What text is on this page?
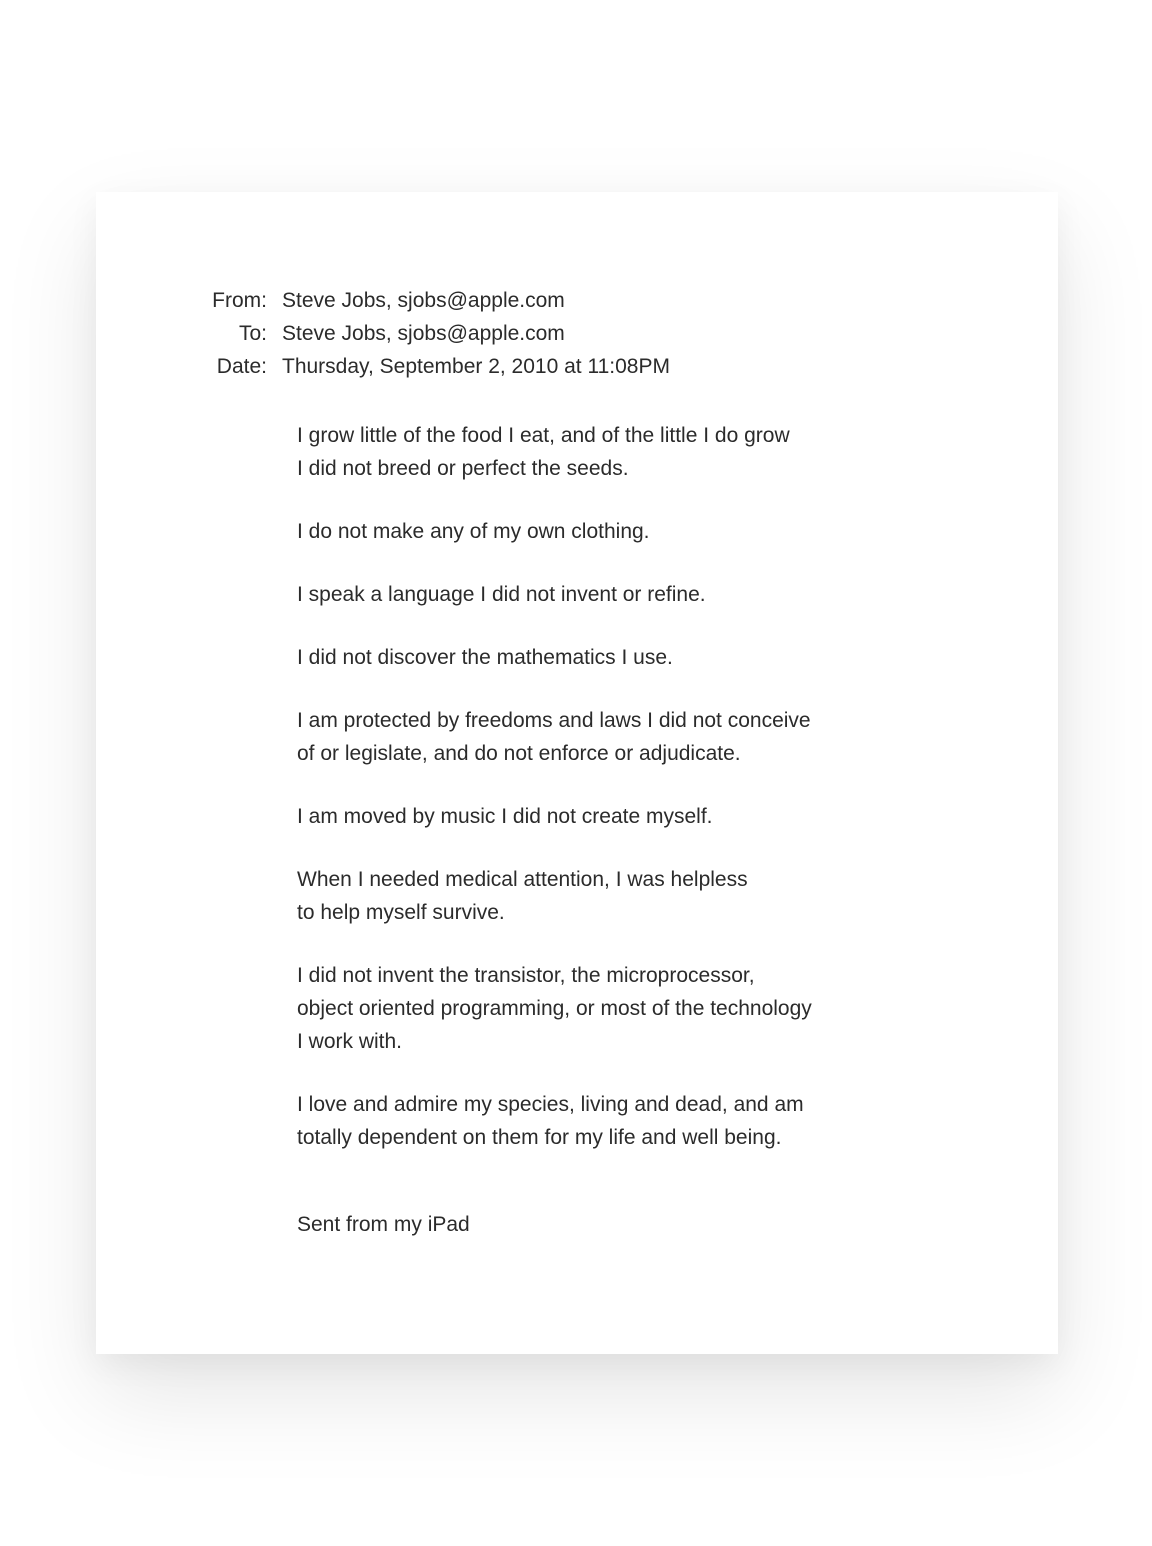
From: Steve Jobs, sjobs@apple.com
To: Steve Jobs, sjobs@apple.com
Date: Thursday, September 2, 2010 at 11:08PM

I grow little of the food I eat, and of the little I do grow
I did not breed or perfect the seeds.

I do not make any of my own clothing.

I speak a language I did not invent or refine.

I did not discover the mathematics I use.

I am protected by freedoms and laws I did not conceive
of or legislate, and do not enforce or adjudicate.

I am moved by music I did not create myself.

When I needed medical attention, I was helpless
to help myself survive.

I did not invent the transistor, the microprocessor,
object oriented programming, or most of the technology
I work with.

I love and admire my species, living and dead, and am
totally dependent on them for my life and well being.

Sent from my iPad
